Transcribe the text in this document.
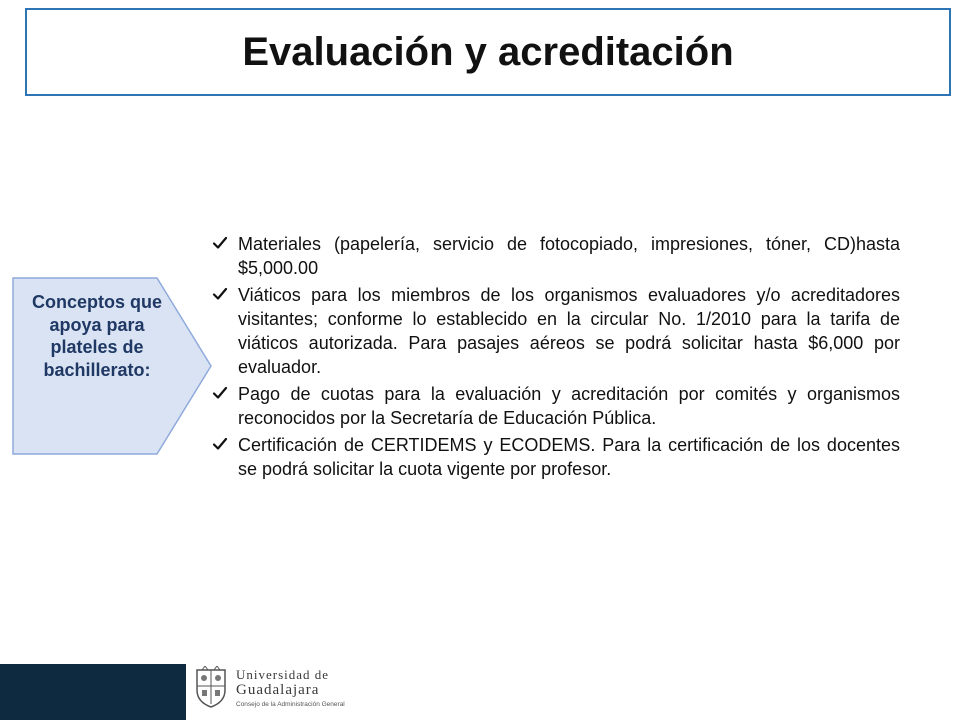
Evaluación y acreditación
Conceptos que apoya para plateles de bachillerato:
Materiales (papelería, servicio de fotocopiado, impresiones, tóner, CD)hasta $5,000.00
Viáticos para los miembros de los organismos evaluadores y/o acreditadores visitantes; conforme lo establecido en la circular No. 1/2010 para la tarifa de viáticos autorizada. Para pasajes aéreos se podrá solicitar hasta $6,000 por evaluador.
Pago de cuotas para la evaluación y acreditación por comités y organismos reconocidos por la Secretaría de Educación Pública.
Certificación de CERTIDEMS y ECODEMS. Para la certificación de los docentes se podrá solicitar la cuota vigente por profesor.
Universidad de
Guadalajara
Consejo de la Administración General
